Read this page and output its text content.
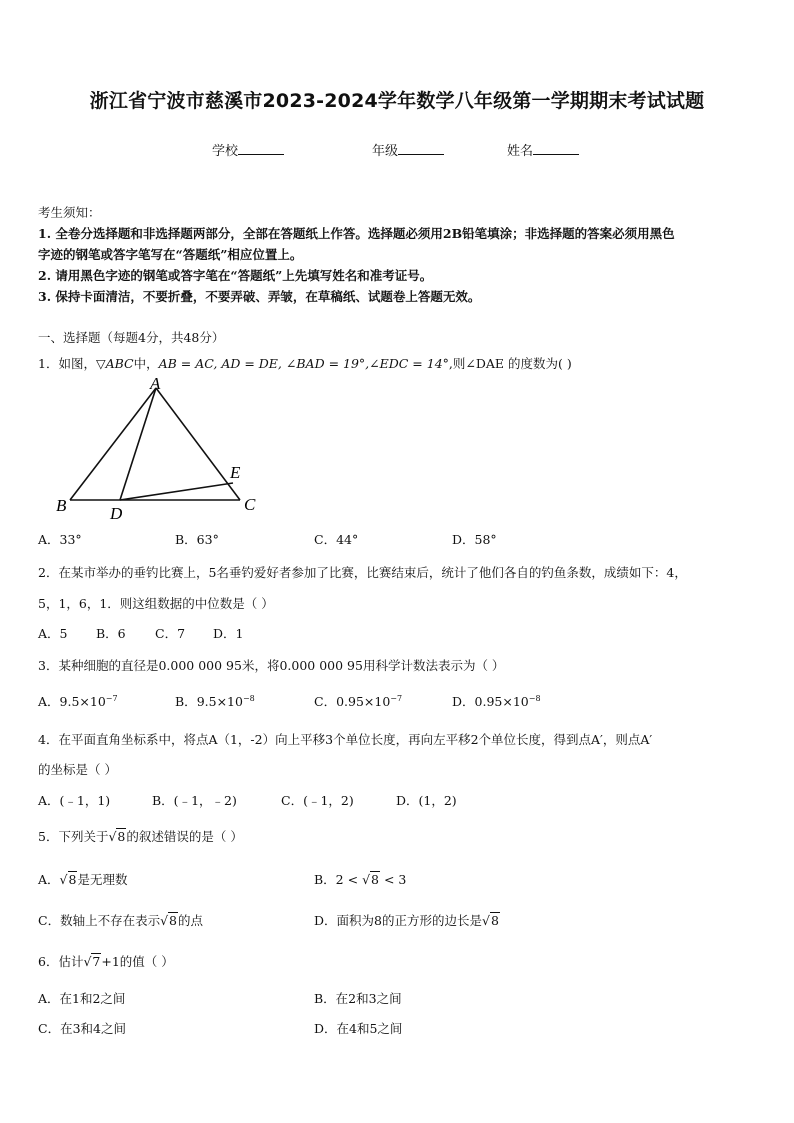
浙江省宁波市慈溪市2023-2024学年数学八年级第一学期期末考试试题
学校	年级	姓名
考生须知：
1. 全卷分选择题和非选择题两部分，全部在答题纸上作答。选择题必须用2B铅笔填涂；非选择题的答案必须用黑色
字迹的钢笔或答字笔写在“答题纸”相应位置上。
2. 请用黑色字迹的钢笔或答字笔在“答题纸”上先填写姓名和准考证号。
3. 保持卡面清洁，不要折叠，不要弄破、弄皱，在草稿纸、试题卷上答题无效。
一、选择题（每题4分，共48分）
1．如图，▽ABC中，AB = AC, AD = DE, ∠BAD = 19°,∠EDC = 14°,则∠DAE 的度数为( )
A
B	C
D
E
A．33°	B．63°	C．44°	D．58°
2．在某市举办的垂钓比赛上，5名垂钓爱好者参加了比赛，比赛结束后，统计了他们各自的钓鱼条数，成绩如下：4，
5，1，6，1．则这组数据的中位数是（ ）
A．5 B．6 C．7 D．1
3．某种细胞的直径是0.000 000 95米，将0.000 000 95用科学计数法表示为（ ）
A．$9.5\times 10^{-7}$	B．$9.5\times 10^{-8}$	C．$0.95\times 10^{-7}$	D．$0.95\times 10^{-8}$
4．在平面直角坐标系中，将点A（1，-2）向上平移3个单位长度，再向左平移2个单位长度，得到点A′，则点A′
的坐标是（ ）
A．(﹣1，1)	B．(﹣1，﹣2)	C．(﹣1，2)	D．(1，2)
5．下列关于√8的叙述错误的是（ ）
A．√8是无理数	B．2 < √8 < 3
C．数轴上不存在表示√8的点	D．面积为8的正方形的边长是√8
6．估计√7+1的值（ ）
A．在1和2之间	B．在2和3之间
C．在3和4之间	D．在4和5之间
